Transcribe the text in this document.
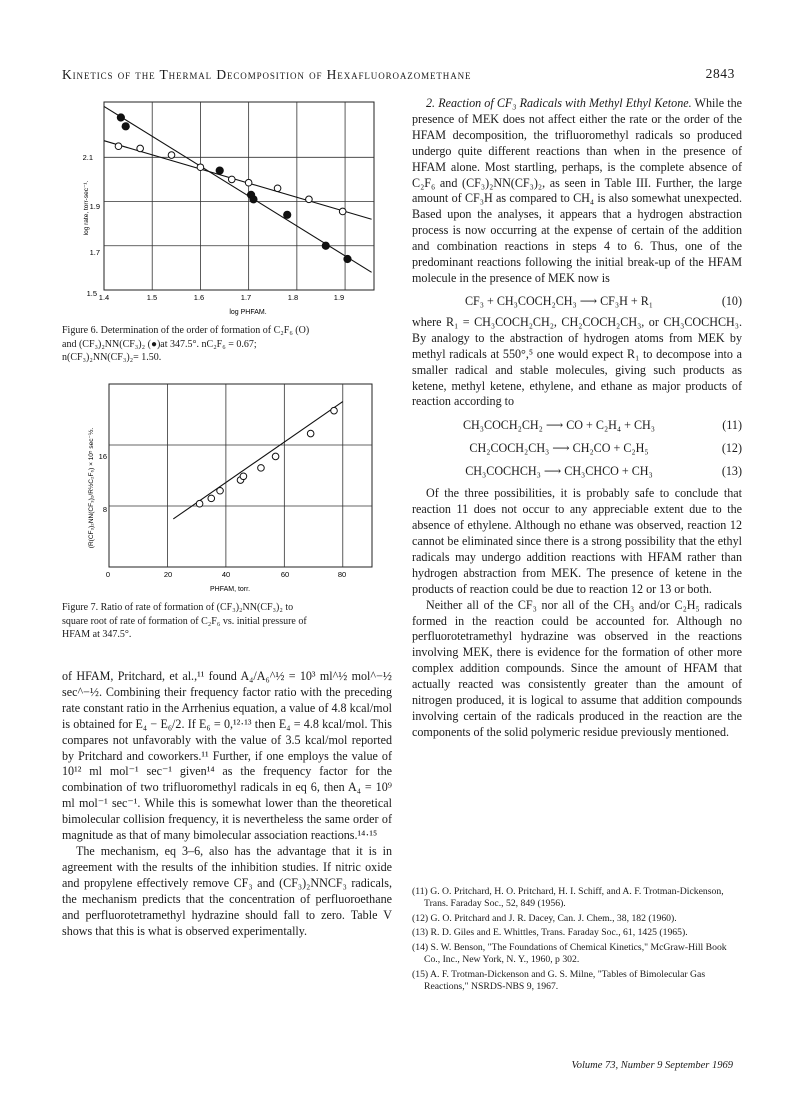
Kinetics of the Thermal Decomposition of Hexafluoroazomethane	2843
2.1
1.9
1.7
1.5 1.4	1.5	1.6	1.7	1.8	1.9
log PHFAM.
log rate, torr-sec⁻¹.

Figure 6. Determination of the order of formation of C₂F₆ (O)

and (CF₃)₂NN(CF₃)₂ (●)at 347.5°. nC₂F₆ = 0.67;

n(CF₃)₂NN(CF₃)₂= 1.50.

16
8
0	20	40	60	80
PHFAM, torr.
(R(CF₃)₂NN(CF₃)₂/R½C₂F₆) × 10⁵ sec⁻½.

Figure 7. Ratio of rate of formation of (CF₃)₂NN(CF₃)₂ to

square root of rate of formation of C₂F₆ vs. initial pressure of

HFAM at 347.5°.

of HFAM, Pritchard, et al.,¹¹ found A₄/A₆^½ = 10³ ml^½ mol^−½ sec^−½. Combining their frequency factor ratio with the preceding rate constant ratio in the Arrhenius equation, a value of 4.8 kcal/mol is obtained for E₄ − E₆/2. If E₆ = 0,¹²·¹³ then E₄ = 4.8 kcal/mol. This compares not unfavorably with the value of 3.5 kcal/mol reported by Pritchard and coworkers.¹¹ Further, if one employs the value of 10¹² ml mol⁻¹ sec⁻¹ given¹⁴ as the frequency factor for the combination of two trifluoromethyl radicals in eq 6, then A₄ = 10⁹ ml mol⁻¹ sec⁻¹. While this is somewhat lower than the theoretical bimolecular collision frequency, it is nevertheless the same order of magnitude as that of many bimolecular association reactions.¹⁴·¹⁵

The mechanism, eq 3–6, also has the advantage that it is in agreement with the results of the inhibition studies. If nitric oxide and propylene effectively remove CF₃ and (CF₃)₂NNCF₃ radicals, the mechanism predicts that the concentration of perfluoroethane and perfluorotetramethyl hydrazine should fall to zero. Table V shows that this is what is observed experimentally.

2. Reaction of CF₃ Radicals with Methyl Ethyl Ketone. While the presence of MEK does not affect either the rate or the order of the HFAM decomposition, the trifluoromethyl radicals so produced undergo quite different reactions than when in the presence of HFAM alone. Most startling, perhaps, is the complete absence of C₂F₆ and (CF₃)₂NN(CF₃)₂, as seen in Table III. Further, the large amount of CF₃H as compared to CH₄ is also somewhat unexpected. Based upon the analyses, it appears that a hydrogen abstraction process is now occurring at the expense of certain of the addition and combination reactions in steps 4 to 6. Thus, one of the predominant reactions following the initial break-up of the HFAM molecule in the presence of MEK now is

CF₃ + CH₃COCH₂CH₃ ⟶ CF₃H + R₁	(10)

where R₁ = CH₃COCH₂CH₂, CH₂COCH₂CH₃, or CH₃COCHCH₃. By analogy to the abstraction of hydrogen atoms from MEK by methyl radicals at 550°,⁵ one would expect R₁ to decompose into a smaller radical and stable molecules, giving such products as ketene, methyl ketene, ethylene, and ethane as major products of reaction according to

CH₃COCH₂CH₂ ⟶ CO + C₂H₄ + CH₃	(11)
CH₂COCH₂CH₃ ⟶ CH₂CO + C₂H₅	(12)
CH₃COCHCH₃ ⟶ CH₃CHCO + CH₃	(13)

Of the three possibilities, it is probably safe to conclude that reaction 11 does not occur to any appreciable extent due to the absence of ethylene. Although no ethane was observed, reaction 12 cannot be eliminated since there is a strong possibility that the ethyl radicals may undergo addition reactions with HFAM rather than hydrogen abstraction from MEK. The presence of ketene in the products of reaction could be due to reaction 12 or 13 or both.

Neither all of the CF₃ nor all of the CH₃ and/or C₂H₅ radicals formed in the reaction could be accounted for. Although no perfluorotetramethyl hydrazine was observed in the reactions involving MEK, there is evidence for the formation of other more complex addition compounds. Since the amount of HFAM that actually reacted was consistently greater than the amount of nitrogen produced, it is logical to assume that addition compounds involving certain of the radicals produced in the reaction are the components of the solid polymeric residue previously mentioned.

(11) G. O. Pritchard, H. O. Pritchard, H. I. Schiff, and A. F. Trotman-Dickenson, Trans. Faraday Soc., 52, 849 (1956).

(12) G. O. Pritchard and J. R. Dacey, Can. J. Chem., 38, 182 (1960).

(13) R. D. Giles and E. Whittles, Trans. Faraday Soc., 61, 1425 (1965).

(14) S. W. Benson, "The Foundations of Chemical Kinetics," McGraw-Hill Book Co., Inc., New York, N. Y., 1960, p 302.

(15) A. F. Trotman-Dickenson and G. S. Milne, "Tables of Bimolecular Gas Reactions," NSRDS-NBS 9, 1967.

Volume 73, Number 9 September 1969
